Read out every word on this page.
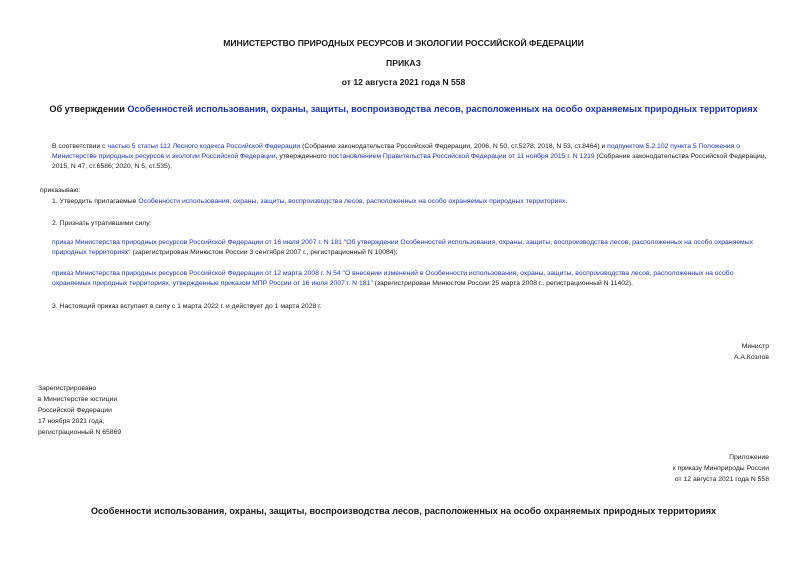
МИНИСТЕРСТВО ПРИРОДНЫХ РЕСУРСОВ И ЭКОЛОГИИ РОССИЙСКОЙ ФЕДЕРАЦИИ
ПРИКАЗ
от 12 августа 2021 года N 558
Об утверждении Особенностей использования, охраны, защиты, воспроизводства лесов, расположенных на особо охраняемых природных территориях
В соответствии с частью 5 статьи 112 Лесного кодекса Российской Федерации (Собрание законодательства Российской Федерации, 2006, N 50, ст.5278; 2018, N 53, ст.8464) и подпунктом 5.2.102 пункта 5 Положения о Министерстве природных ресурсов и экологии Российской Федерации, утвержденного постановлением Правительства Российской Федерации от 11 ноября 2015 г. N 1219 (Собрание законодательства Российской Федерации, 2015, N 47, ст.6586; 2020, N 5, ст.535),
приказываю:
1. Утвердить прилагаемые Особенности использования, охраны, защиты, воспроизводства лесов, расположенных на особо охраняемых природных территориях.
2. Признать утратившими силу:
приказ Министерства природных ресурсов Российской Федерации от 16 июля 2007 г. N 181 "Об утверждении Особенностей использования, охраны, защиты, воспроизводства лесов, расположенных на особо охраняемых природных территориях" (зарегистрирован Минюстом России 3 сентября 2007 г., регистрационный N 10084);
приказ Министерства природных ресурсов Российской Федерации от 12 марта 2008 г. N 54 "О внесении изменений в Особенности использования, охраны, защиты, воспроизводства лесов, расположенных на особо охраняемых природных территориях, утвержденные приказом МПР России от 16 июля 2007 г. N 181" (зарегистрирован Минюстом России 25 марта 2008 г., регистрационный N 11402).
3. Настоящий приказ вступает в силу с 1 марта 2022 г. и действует до 1 марта 2028 г.
Министр
А.А.Козлов
Зарегистрировано
в Министерстве юстиции
Российской Федерации
17 ноября 2021 года,
регистрационный N 65869
Приложение
к приказу Минприроды России
от 12 августа 2021 года N 558
Особенности использования, охраны, защиты, воспроизводства лесов, расположенных на особо охраняемых природных территориях
